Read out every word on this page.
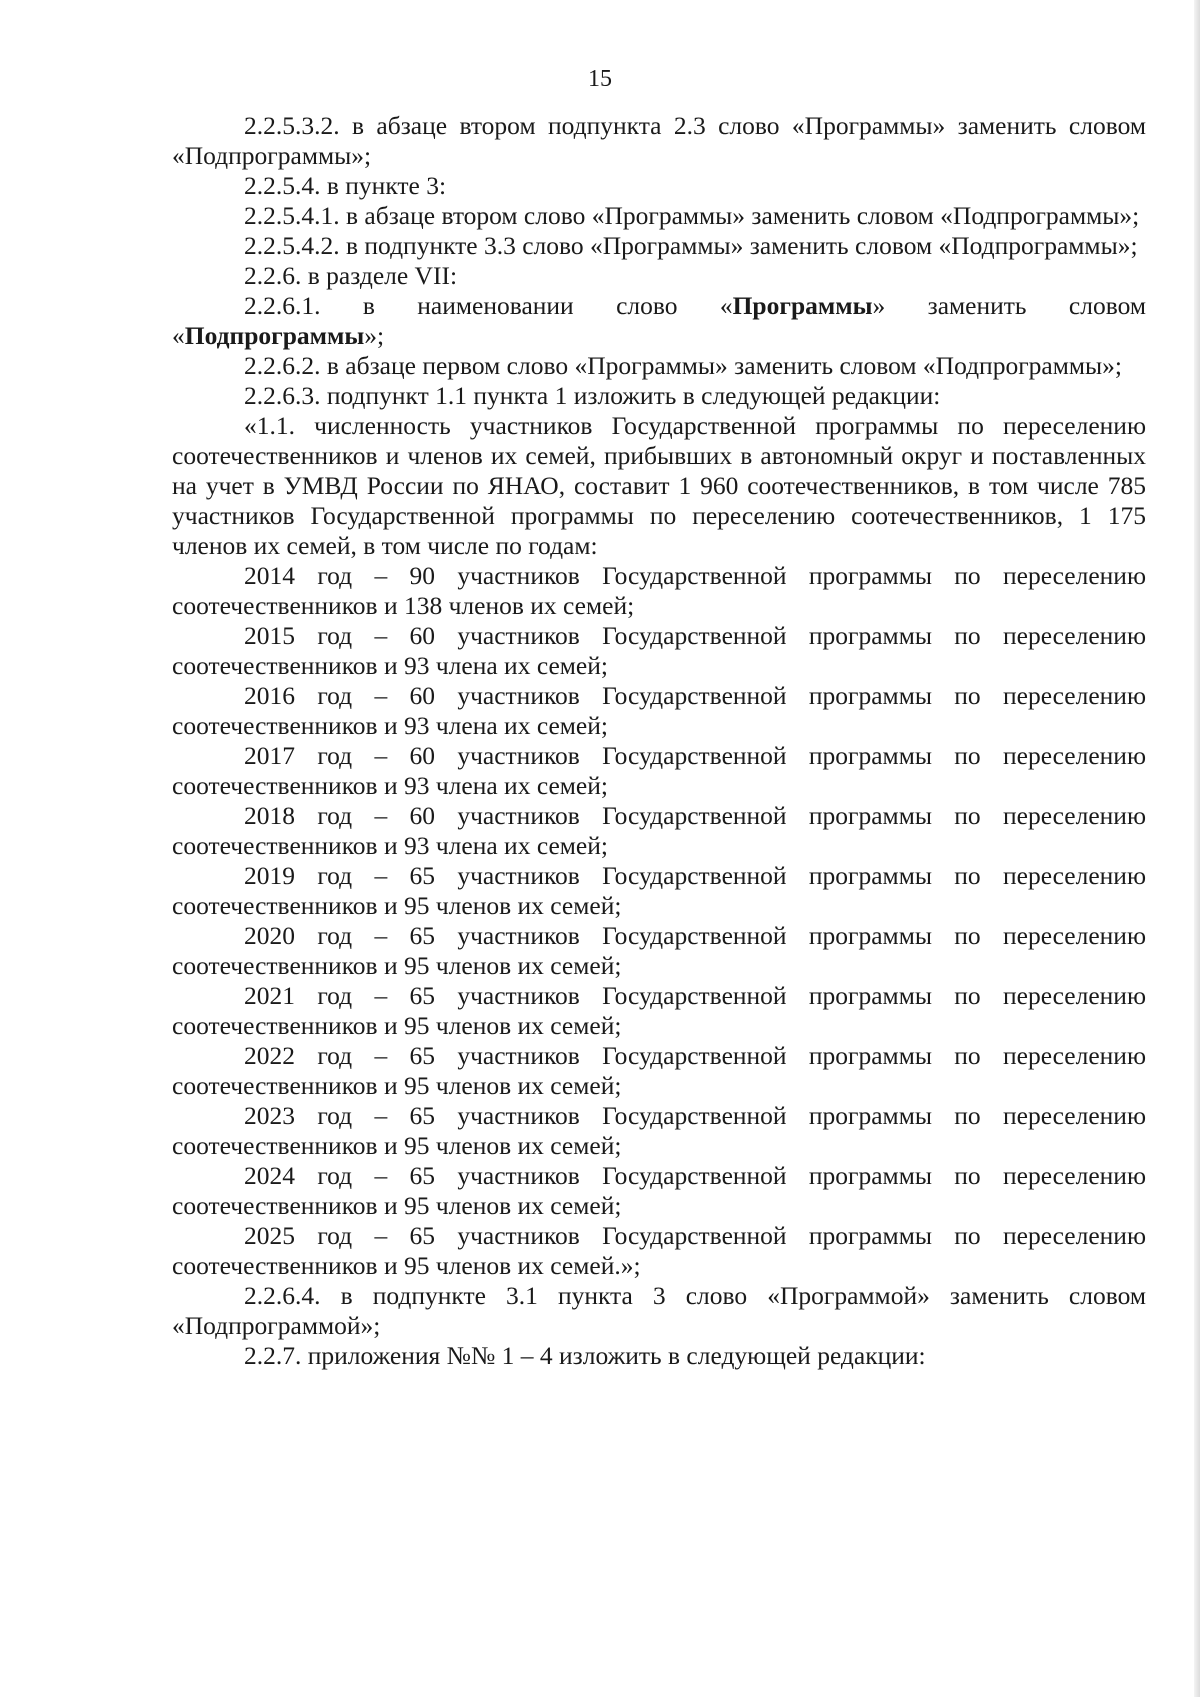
15

2.2.5.3.2. в абзаце втором подпункта 2.3 слово «Программы» заменить словом «Подпрограммы»;

2.2.5.4. в пункте 3:

2.2.5.4.1. в абзаце втором слово «Программы» заменить словом «Подпрограммы»;

2.2.5.4.2. в подпункте 3.3 слово «Программы» заменить словом «Подпрограммы»;

2.2.6. в разделе VII:

2.2.6.1. в наименовании слово «Программы» заменить словом «Подпрограммы»;

2.2.6.2. в абзаце первом слово «Программы» заменить словом «Подпрограммы»;

2.2.6.3. подпункт 1.1 пункта 1 изложить в следующей редакции:

«1.1. численность участников Государственной программы по переселению соотечественников и членов их семей, прибывших в автономный округ и поставленных на учет в УМВД России по ЯНАО, составит 1 960 соотечественников, в том числе 785 участников Государственной программы по переселению соотечественников, 1 175 членов их семей, в том числе по годам:

2014 год – 90 участников Государственной программы по переселению соотечественников и 138 членов их семей;

2015 год – 60 участников Государственной программы по переселению соотечественников и 93 члена их семей;

2016 год – 60 участников Государственной программы по переселению соотечественников и 93 члена их семей;

2017 год – 60 участников Государственной программы по переселению соотечественников и 93 члена их семей;

2018 год – 60 участников Государственной программы по переселению соотечественников и 93 члена их семей;

2019 год – 65 участников Государственной программы по переселению соотечественников и 95 членов их семей;

2020 год – 65 участников Государственной программы по переселению соотечественников и 95 членов их семей;

2021 год – 65 участников Государственной программы по переселению соотечественников и 95 членов их семей;

2022 год – 65 участников Государственной программы по переселению соотечественников и 95 членов их семей;

2023 год – 65 участников Государственной программы по переселению соотечественников и 95 членов их семей;

2024 год – 65 участников Государственной программы по переселению соотечественников и 95 членов их семей;

2025 год – 65 участников Государственной программы по переселению соотечественников и 95 членов их семей.»;

2.2.6.4. в подпункте 3.1 пункта 3 слово «Программой» заменить словом «Подпрограммой»;

2.2.7. приложения №№ 1 – 4 изложить в следующей редакции:
